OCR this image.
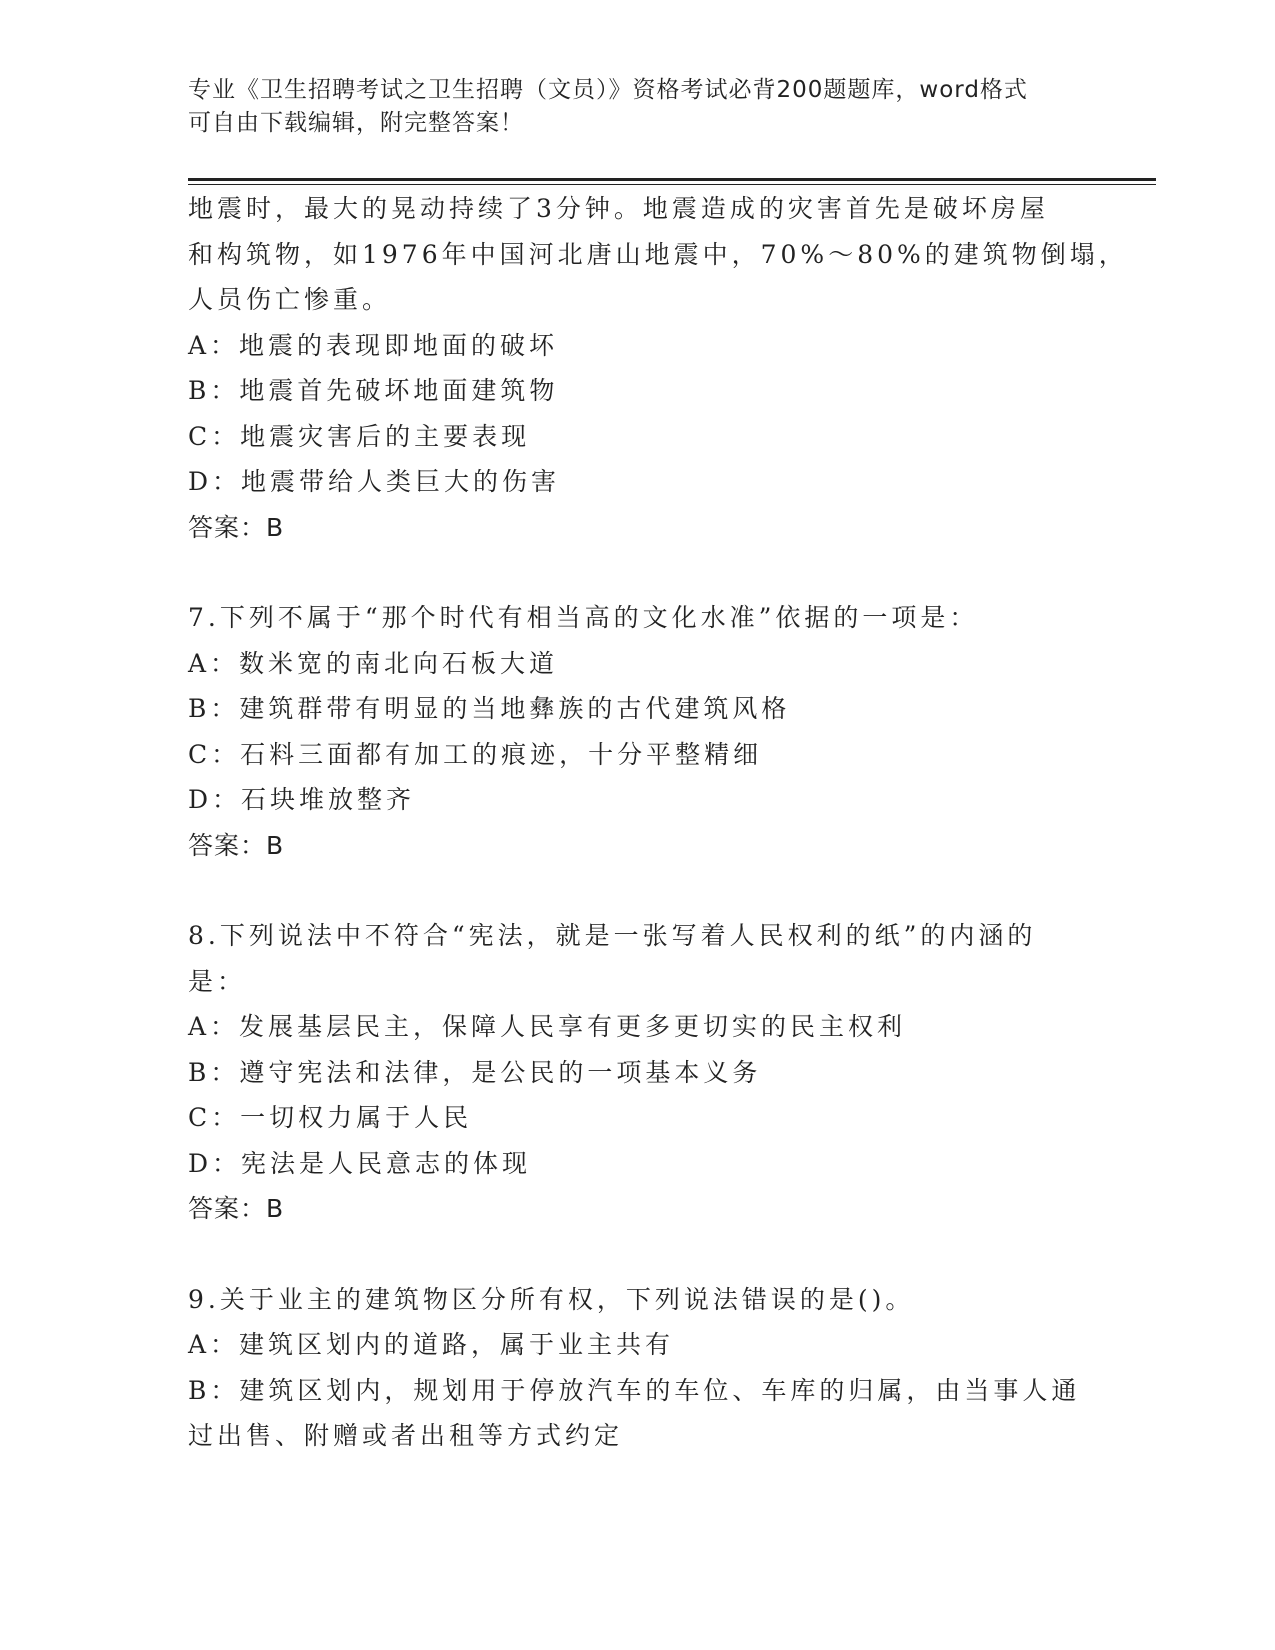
专业《卫生招聘考试之卫生招聘（文员）》资格考试必背200题题库，word格式
可自由下载编辑，附完整答案！
地震时，最大的晃动持续了3分钟。地震造成的灾害首先是破坏房屋
和构筑物，如1976年中国河北唐山地震中，70%～80%的建筑物倒塌，
人员伤亡惨重。
A：地震的表现即地面的破坏
B：地震首先破坏地面建筑物
C：地震灾害后的主要表现
D：地震带给人类巨大的伤害
答案：B
7.下列不属于“那个时代有相当高的文化水准”依据的一项是：
A：数米宽的南北向石板大道
B：建筑群带有明显的当地彝族的古代建筑风格
C：石料三面都有加工的痕迹，十分平整精细
D：石块堆放整齐
答案：B
8.下列说法中不符合“宪法，就是一张写着人民权利的纸”的内涵的
是：
A：发展基层民主，保障人民享有更多更切实的民主权利
B：遵守宪法和法律，是公民的一项基本义务
C：一切权力属于人民
D：宪法是人民意志的体现
答案：B
9.关于业主的建筑物区分所有权，下列说法错误的是()。
A：建筑区划内的道路，属于业主共有
B：建筑区划内，规划用于停放汽车的车位、车库的归属，由当事人通
过出售、附赠或者出租等方式约定
